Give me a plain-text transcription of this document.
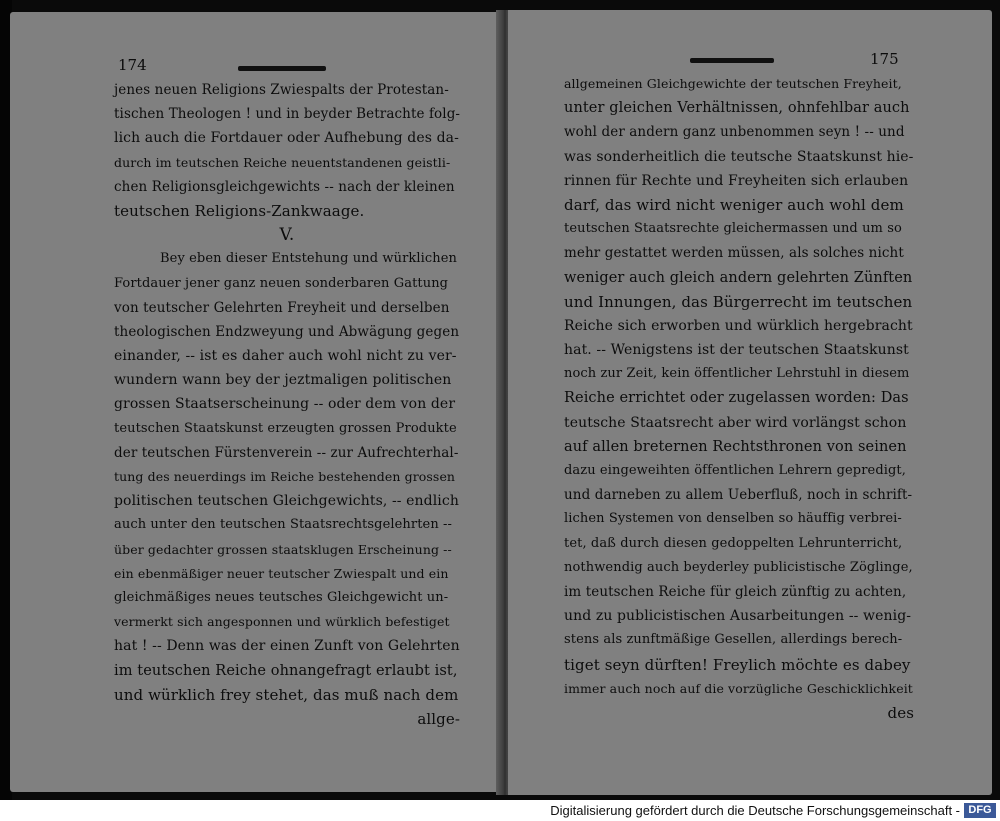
174
jenes neuen Religions Zwiespalts der Protestan-
tischen Theologen ! und in beyder Betrachte folg-
lich auch die Fortdauer oder Aufhebung des da-
durch im teutschen Reiche neuentstandenen geistli-
chen Religionsgleichgewichts -- nach der kleinen
teutschen Religions-Zankwaage.
V.
Bey eben dieser Entstehung und würklichen
Fortdauer jener ganz neuen sonderbaren Gattung
von teutscher Gelehrten Freyheit und derselben
theologischen Endzweyung und Abwägung gegen
einander, -- ist es daher auch wohl nicht zu ver-
wundern wann bey der jeztmaligen politischen
grossen Staatserscheinung -- oder dem von der
teutschen Staatskunst erzeugten grossen Produkte
der teutschen Fürstenverein -- zur Aufrechterhal-
tung des neuerdings im Reiche bestehenden grossen
politischen teutschen Gleichgewichts, -- endlich
auch unter den teutschen Staatsrechtsgelehrten --
über gedachter grossen staatsklugen Erscheinung --
ein ebenmäßiger neuer teutscher Zwiespalt und ein
gleichmäßiges neues teutsches Gleichgewicht un-
vermerkt sich angesponnen und würklich befestiget
hat ! -- Denn was der einen Zunft von Gelehrten
im teutschen Reiche ohnangefragt erlaubt ist,
und würklich frey stehet, das muß nach dem
allge-
175
allgemeinen Gleichgewichte der teutschen Freyheit,
unter gleichen Verhältnissen, ohnfehlbar auch
wohl der andern ganz unbenommen seyn ! -- und
was sonderheitlich die teutsche Staatskunst hie-
rinnen für Rechte und Freyheiten sich erlauben
darf, das wird nicht weniger auch wohl dem
teutschen Staatsrechte gleichermassen und um so
mehr gestattet werden müssen, als solches nicht
weniger auch gleich andern gelehrten Zünften
und Innungen, das Bürgerrecht im teutschen
Reiche sich erworben und würklich hergebracht
hat. -- Wenigstens ist der teutschen Staatskunst
noch zur Zeit, kein öffentlicher Lehrstuhl in diesem
Reiche errichtet oder zugelassen worden: Das
teutsche Staatsrecht aber wird vorlängst schon
auf allen breternen Rechtsthronen von seinen
dazu eingeweihten öffentlichen Lehrern gepredigt,
und darneben zu allem Ueberfluß, noch in schrift-
lichen Systemen von denselben so häuffig verbrei-
tet, daß durch diesen gedoppelten Lehrunterricht,
nothwendig auch beyderley publicistische Zöglinge,
im teutschen Reiche für gleich zünftig zu achten,
und zu publicistischen Ausarbeitungen -- wenig-
stens als zunftmäßige Gesellen, allerdings berech-
tiget seyn dürften! Freylich möchte es dabey
immer auch noch auf die vorzügliche Geschicklichkeit
des
Digitalisierung gefördert durch die Deutsche Forschungsgemeinschaft - DFG
